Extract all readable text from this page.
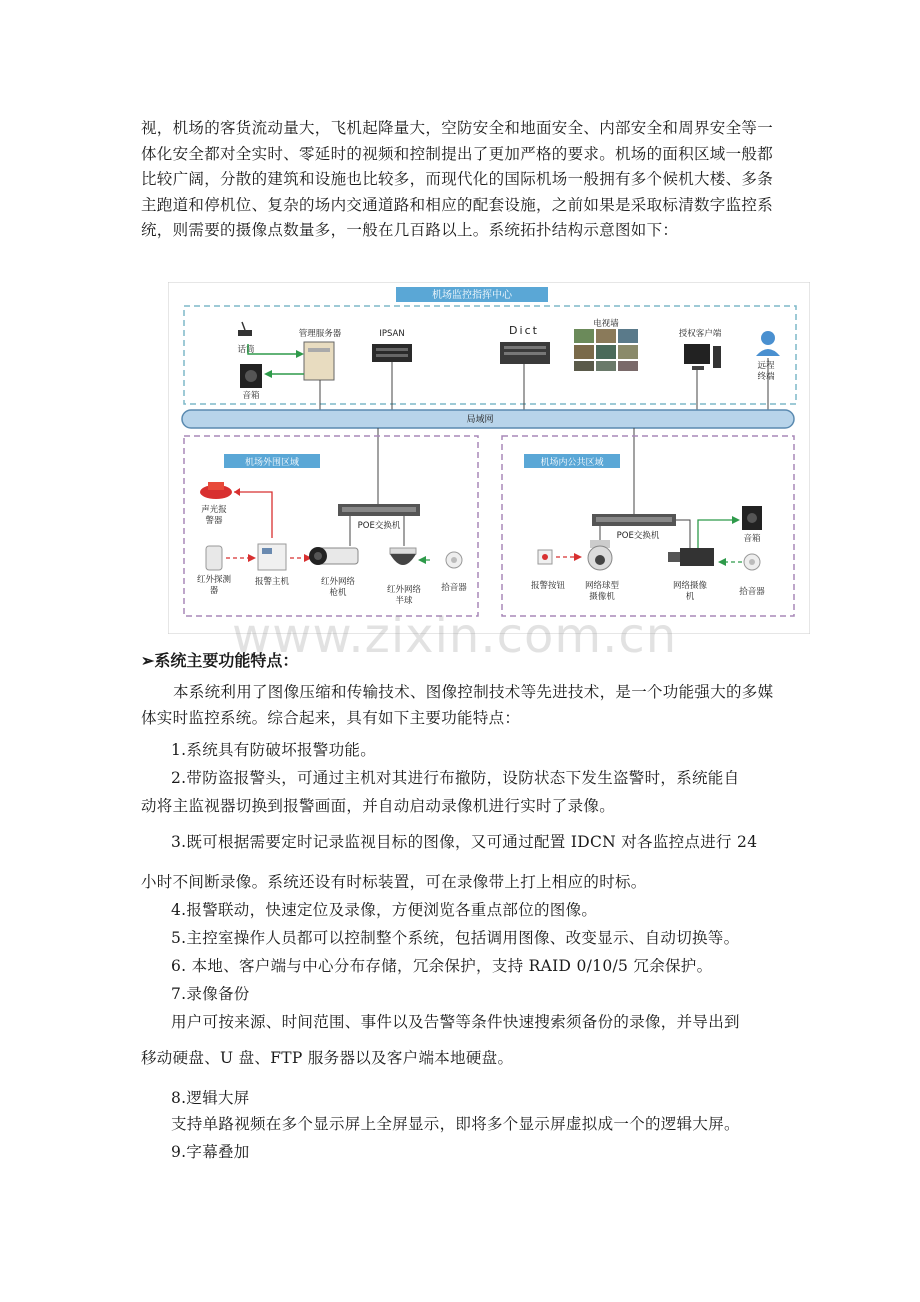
视，机场的客货流动量大，飞机起降量大，空防安全和地面安全、内部安全和周界安全等一体化安全都对全实时、零延时的视频和控制提出了更加严格的要求。机场的面积区域一般都比较广阔，分散的建筑和设施也比较多，而现代化的国际机场一般拥有多个候机大楼、多条主跑道和停机位、复杂的场内交通道路和相应的配套设施，之前如果是采取标清数字监控系统，则需要的摄像点数量多，一般在几百路以上。系统拓扑结构示意图如下：

机场监控指挥中心
话筒
音箱
管理服务器	IPSAN	Dict	电视墙
授权客户端
远程
终端
局域网
机场外围区域	机场内公共区域
POE交换机
POE交换机
声光报
警器
红外探测
器
报警主机	红外网络
枪机	红外网络
半球
拾音器	报警按钮 网络球型
摄像机
网络摄像
机
音箱
拾音器
www.zixin.com.cn
➢系统主要功能特点：

本系统利用了图像压缩和传输技术、图像控制技术等先进技术，是一个功能强大的多媒体实时监控系统。综合起来，具有如下主要功能特点：

1.系统具有防破坏报警功能。

2.带防盗报警头，可通过主机对其进行布撤防，设防状态下发生盗警时，系统能自

动将主监视器切换到报警画面，并自动启动录像机进行实时了录像。

3.既可根据需要定时记录监视目标的图像，又可通过配置 IDCN 对各监控点进行 24

小时不间断录像。系统还设有时标装置，可在录像带上打上相应的时标。

4.报警联动，快速定位及录像，方便浏览各重点部位的图像。

5.主控室操作人员都可以控制整个系统，包括调用图像、改变显示、自动切换等。

6. 本地、客户端与中心分布存储，冗余保护，支持 RAID 0/10/5 冗余保护。

7.录像备份

用户可按来源、时间范围、事件以及告警等条件快速搜索须备份的录像，并导出到

移动硬盘、U 盘、FTP 服务器以及客户端本地硬盘。

8.逻辑大屏

支持单路视频在多个显示屏上全屏显示，即将多个显示屏虚拟成一个的逻辑大屏。

9.字幕叠加
